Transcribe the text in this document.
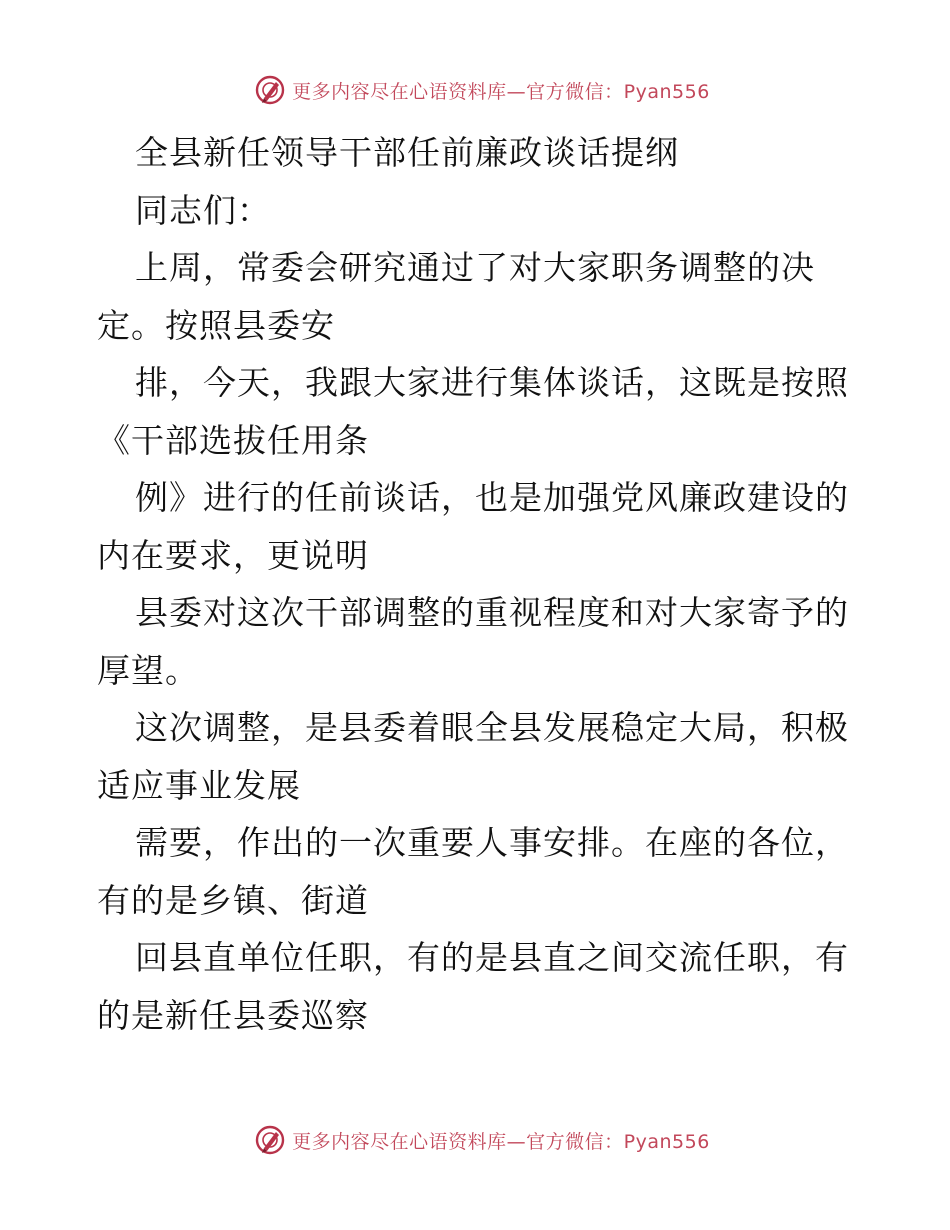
更多内容尽在心语资料库—官方微信：Pyan556
全县新任领导干部任前廉政谈话提纲
同志们：
上周，常委会研究通过了对大家职务调整的决
定。按照县委安
排，今天，我跟大家进行集体谈话，这既是按照
《干部选拔任用条
例》进行的任前谈话，也是加强党风廉政建设的
内在要求，更说明
县委对这次干部调整的重视程度和对大家寄予的
厚望。
这次调整，是县委着眼全县发展稳定大局，积极
适应事业发展
需要，作出的一次重要人事安排。在座的各位，
有的是乡镇、街道
回县直单位任职，有的是县直之间交流任职，有
的是新任县委巡察
更多内容尽在心语资料库—官方微信：Pyan556
